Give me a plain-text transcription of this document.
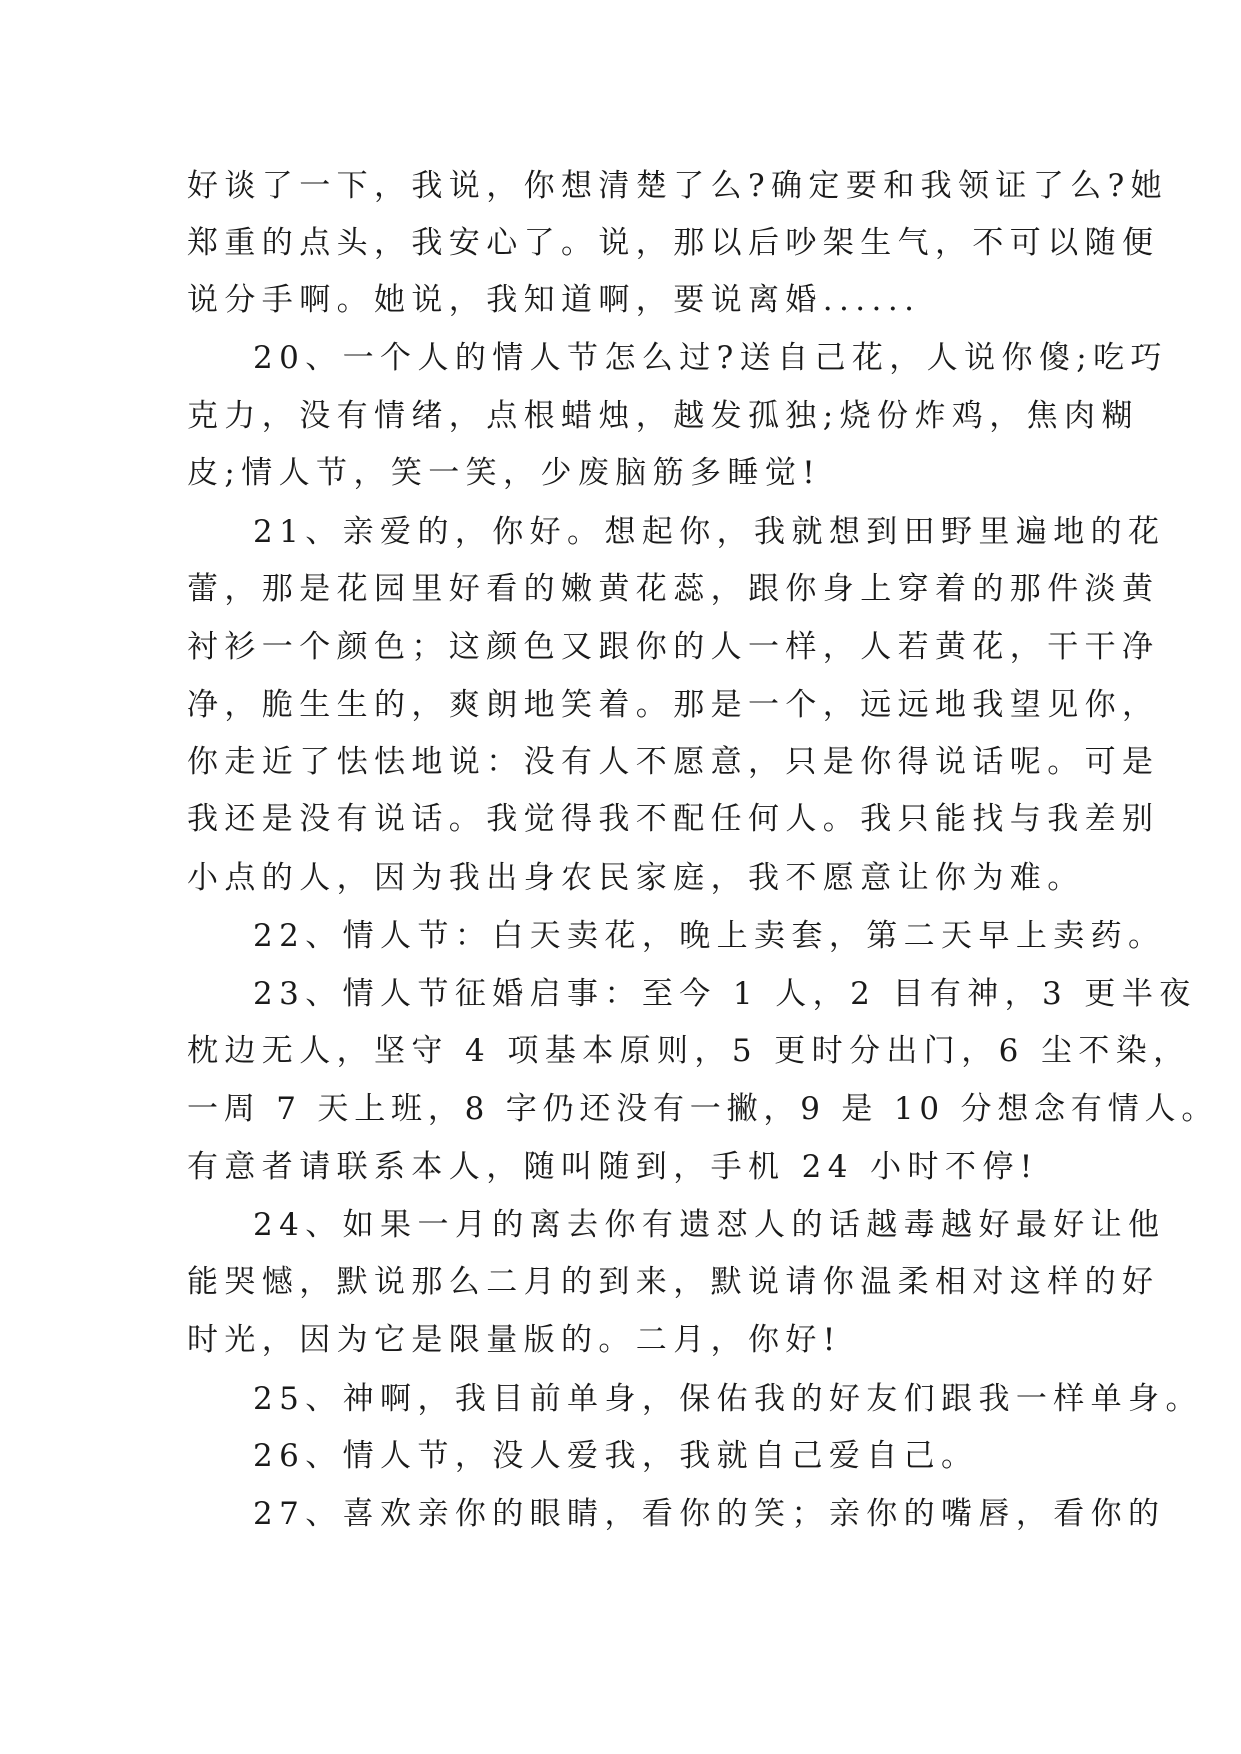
好谈了一下，我说，你想清楚了么?确定要和我领证了么?她
郑重的点头，我安心了。说，那以后吵架生气，不可以随便
说分手啊。她说，我知道啊，要说离婚......
20、一个人的情人节怎么过?送自己花，人说你傻;吃巧
克力，没有情绪，点根蜡烛，越发孤独;烧份炸鸡，焦肉糊
皮;情人节，笑一笑，少废脑筋多睡觉!
21、亲爱的，你好。想起你，我就想到田野里遍地的花
蕾，那是花园里好看的嫩黄花蕊，跟你身上穿着的那件淡黄
衬衫一个颜色；这颜色又跟你的人一样，人若黄花，干干净
净，脆生生的，爽朗地笑着。那是一个，远远地我望见你，
你走近了怯怯地说：没有人不愿意，只是你得说话呢。可是
我还是没有说话。我觉得我不配任何人。我只能找与我差别
小点的人，因为我出身农民家庭，我不愿意让你为难。
22、情人节：白天卖花，晚上卖套，第二天早上卖药。
23、情人节征婚启事：至今 1 人，2 目有神，3 更半夜
枕边无人，坚守 4 项基本原则，5 更时分出门，6 尘不染，
一周 7 天上班，8 字仍还没有一撇，9 是 10 分想念有情人。
有意者请联系本人，随叫随到，手机 24 小时不停!
24、如果一月的离去你有遗怼人的话越毒越好最好让他
能哭憾，默说那么二月的到来，默说请你温柔相对这样的好
时光，因为它是限量版的。二月，你好!
25、神啊，我目前单身，保佑我的好友们跟我一样单身。
26、情人节，没人爱我，我就自己爱自己。
27、喜欢亲你的眼睛，看你的笑；亲你的嘴唇，看你的
